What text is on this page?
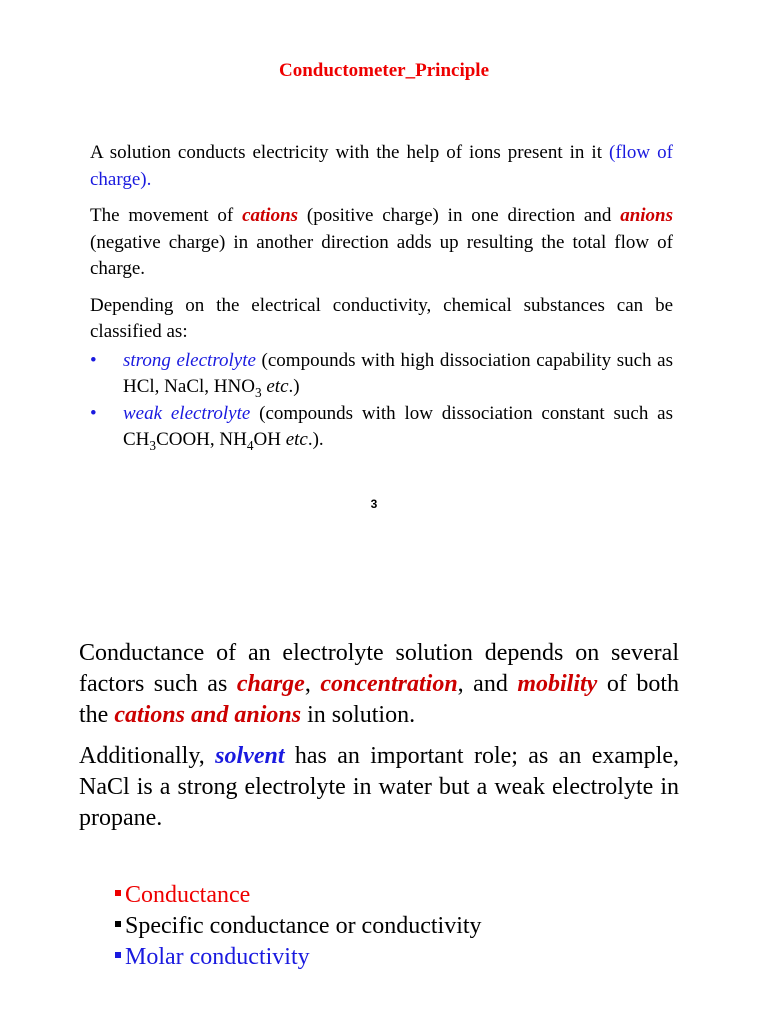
Conductometer_Principle

A solution conducts electricity with the help of ions present in it (flow of charge).

The movement of cations (positive charge) in one direction and anions (negative charge) in another direction adds up resulting the total flow of charge.

Depending on the electrical conductivity, chemical substances can be classified as:

• strong electrolyte (compounds with high dissociation capability such as HCl, NaCl, $HNO_3$ etc.)
• weak electrolyte (compounds with low dissociation constant such as $CH_3COOH$, $NH_4OH$ etc.).
3

Conductance of an electrolyte solution depends on several factors such as charge, concentration, and mobility of both the cations and anions in solution.

Additionally, solvent has an important role; as an example, NaCl is a strong electrolyte in water but a weak electrolyte in propane.

Conductance
Specific conductance or conductivity
Molar conductivity
